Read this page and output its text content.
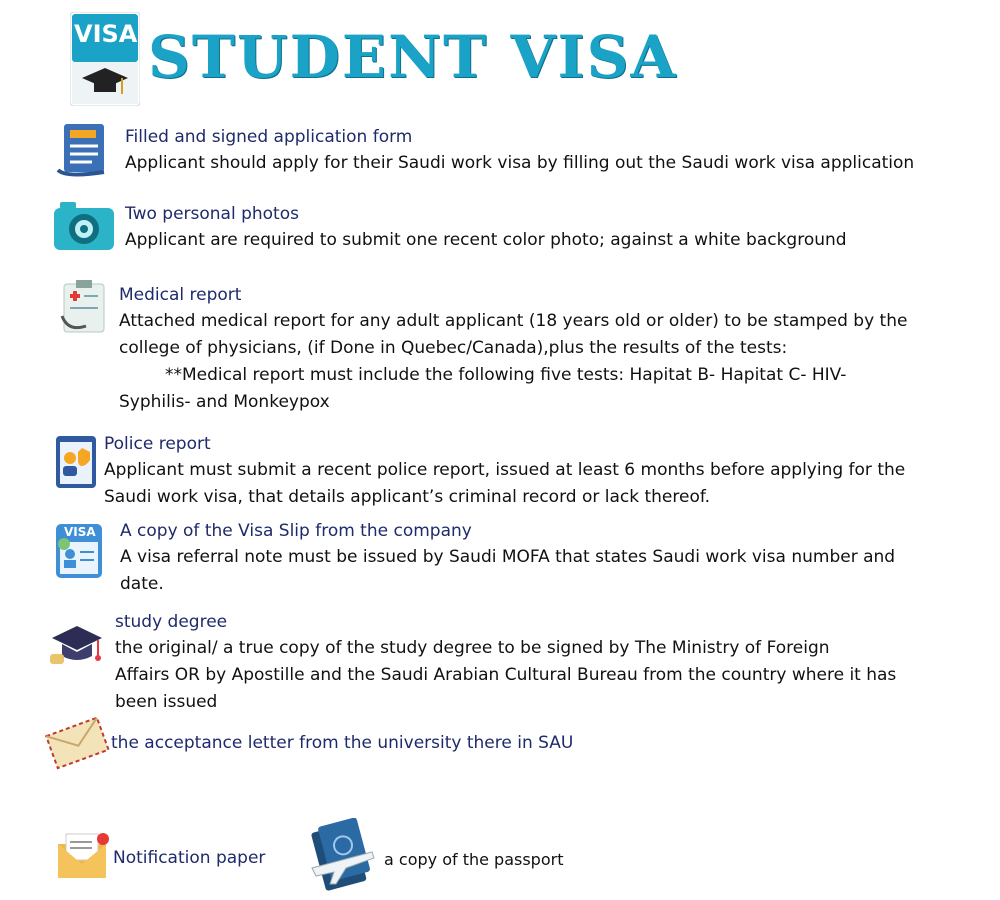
VISA STUDENT VISA
Filled and signed application form
Applicant should apply for their Saudi work visa by filling out the Saudi work visa application
Two personal photos
Applicant are required to submit one recent color photo; against a white background
Medical report
Attached medical report for any adult applicant (18 years old or older) to be stamped by the
college of physicians, (if Done in Quebec/Canada),plus the results of the tests:
**Medical report must include the following five tests: Hapitat B- Hapitat C- HIV-
Syphilis- and Monkeypox
Police report
Applicant must submit a recent police report, issued at least 6 months before applying for the
Saudi work visa, that details applicant’s criminal record or lack thereof.
VISA A copy of the Visa Slip from the company
A visa referral note must be issued by Saudi MOFA that states Saudi work visa number and
date.
study degree
the original/ a true copy of the study degree to be signed by The Ministry of Foreign
Affairs OR by Apostille and the Saudi Arabian Cultural Bureau from the country where it has
been issued
the acceptance letter from the university there in SAU
Notification paper	a copy of the passport
